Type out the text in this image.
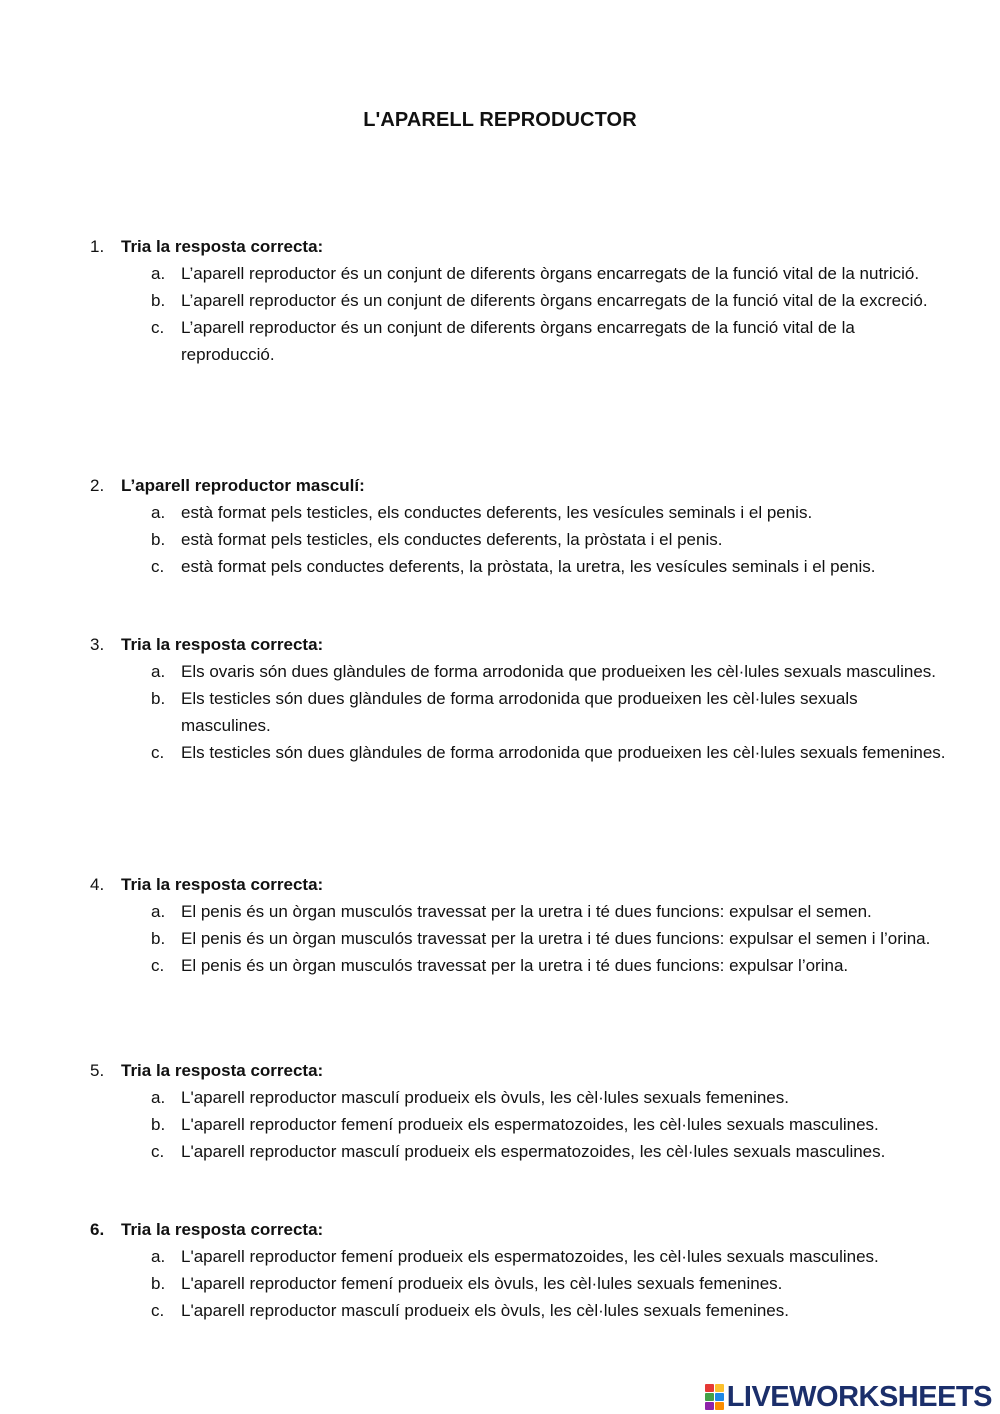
L'APARELL REPRODUCTOR
1. Tria la resposta correcta:
a. L’aparell reproductor és un conjunt de diferents òrgans encarregats de la funció vital de la nutrició.
b. L’aparell reproductor és un conjunt de diferents òrgans encarregats de la funció vital de la excreció.
c. L’aparell reproductor és un conjunt de diferents òrgans encarregats de la funció vital de la reproducció.
2. L’aparell reproductor masculí:
a. està format pels testicles, els conductes deferents, les vesícules seminals i el penis.
b. està format pels testicles, els conductes deferents, la pròstata i el penis.
c. està format pels conductes deferents, la pròstata, la uretra, les vesícules seminals i el penis.
3. Tria la resposta correcta:
a. Els ovaris són dues glàndules de forma arrodonida que produeixen les cèl·lules sexuals masculines.
b. Els testicles són dues glàndules de forma arrodonida que produeixen les cèl·lules sexuals masculines.
c. Els testicles són dues glàndules de forma arrodonida que produeixen les cèl·lules sexuals femenines.
4. Tria la resposta correcta:
a. El penis és un òrgan musculós travessat per la uretra i té dues funcions: expulsar el semen.
b. El penis és un òrgan musculós travessat per la uretra i té dues funcions: expulsar el semen i l’orina.
c. El penis és un òrgan musculós travessat per la uretra i té dues funcions: expulsar l’orina.
5. Tria la resposta correcta:
a. L'aparell reproductor masculí produeix els òvuls, les cèl·lules sexuals femenines.
b. L'aparell reproductor femení produeix els espermatozoides, les cèl·lules sexuals masculines.
c. L'aparell reproductor masculí produeix els espermatozoides, les cèl·lules sexuals masculines.
6. Tria la resposta correcta:
a. L'aparell reproductor femení produeix els espermatozoides, les cèl·lules sexuals masculines.
b. L'aparell reproductor femení produeix els òvuls, les cèl·lules sexuals femenines.
c. L'aparell reproductor masculí produeix els òvuls, les cèl·lules sexuals femenines.
LIVEWORKSHEETS
